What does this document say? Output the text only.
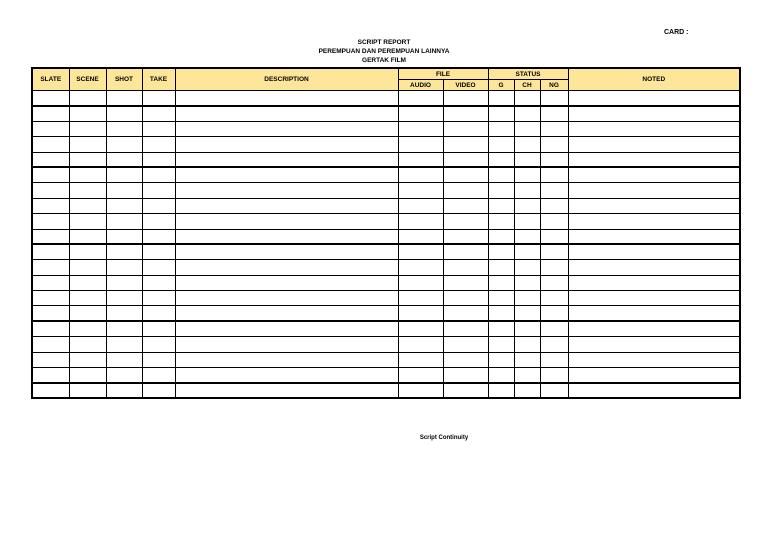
CARD :
SCRIPT REPORT
PEREMPUAN DAN PEREMPUAN LAINNYA
GERTAK FILM
SLATE	SCENE	SHOT	TAKE	DESCRIPTION	FILE		STATUS			NOTED
					AUDIO	VIDEO	G	CH	NG	

Script Continuity
